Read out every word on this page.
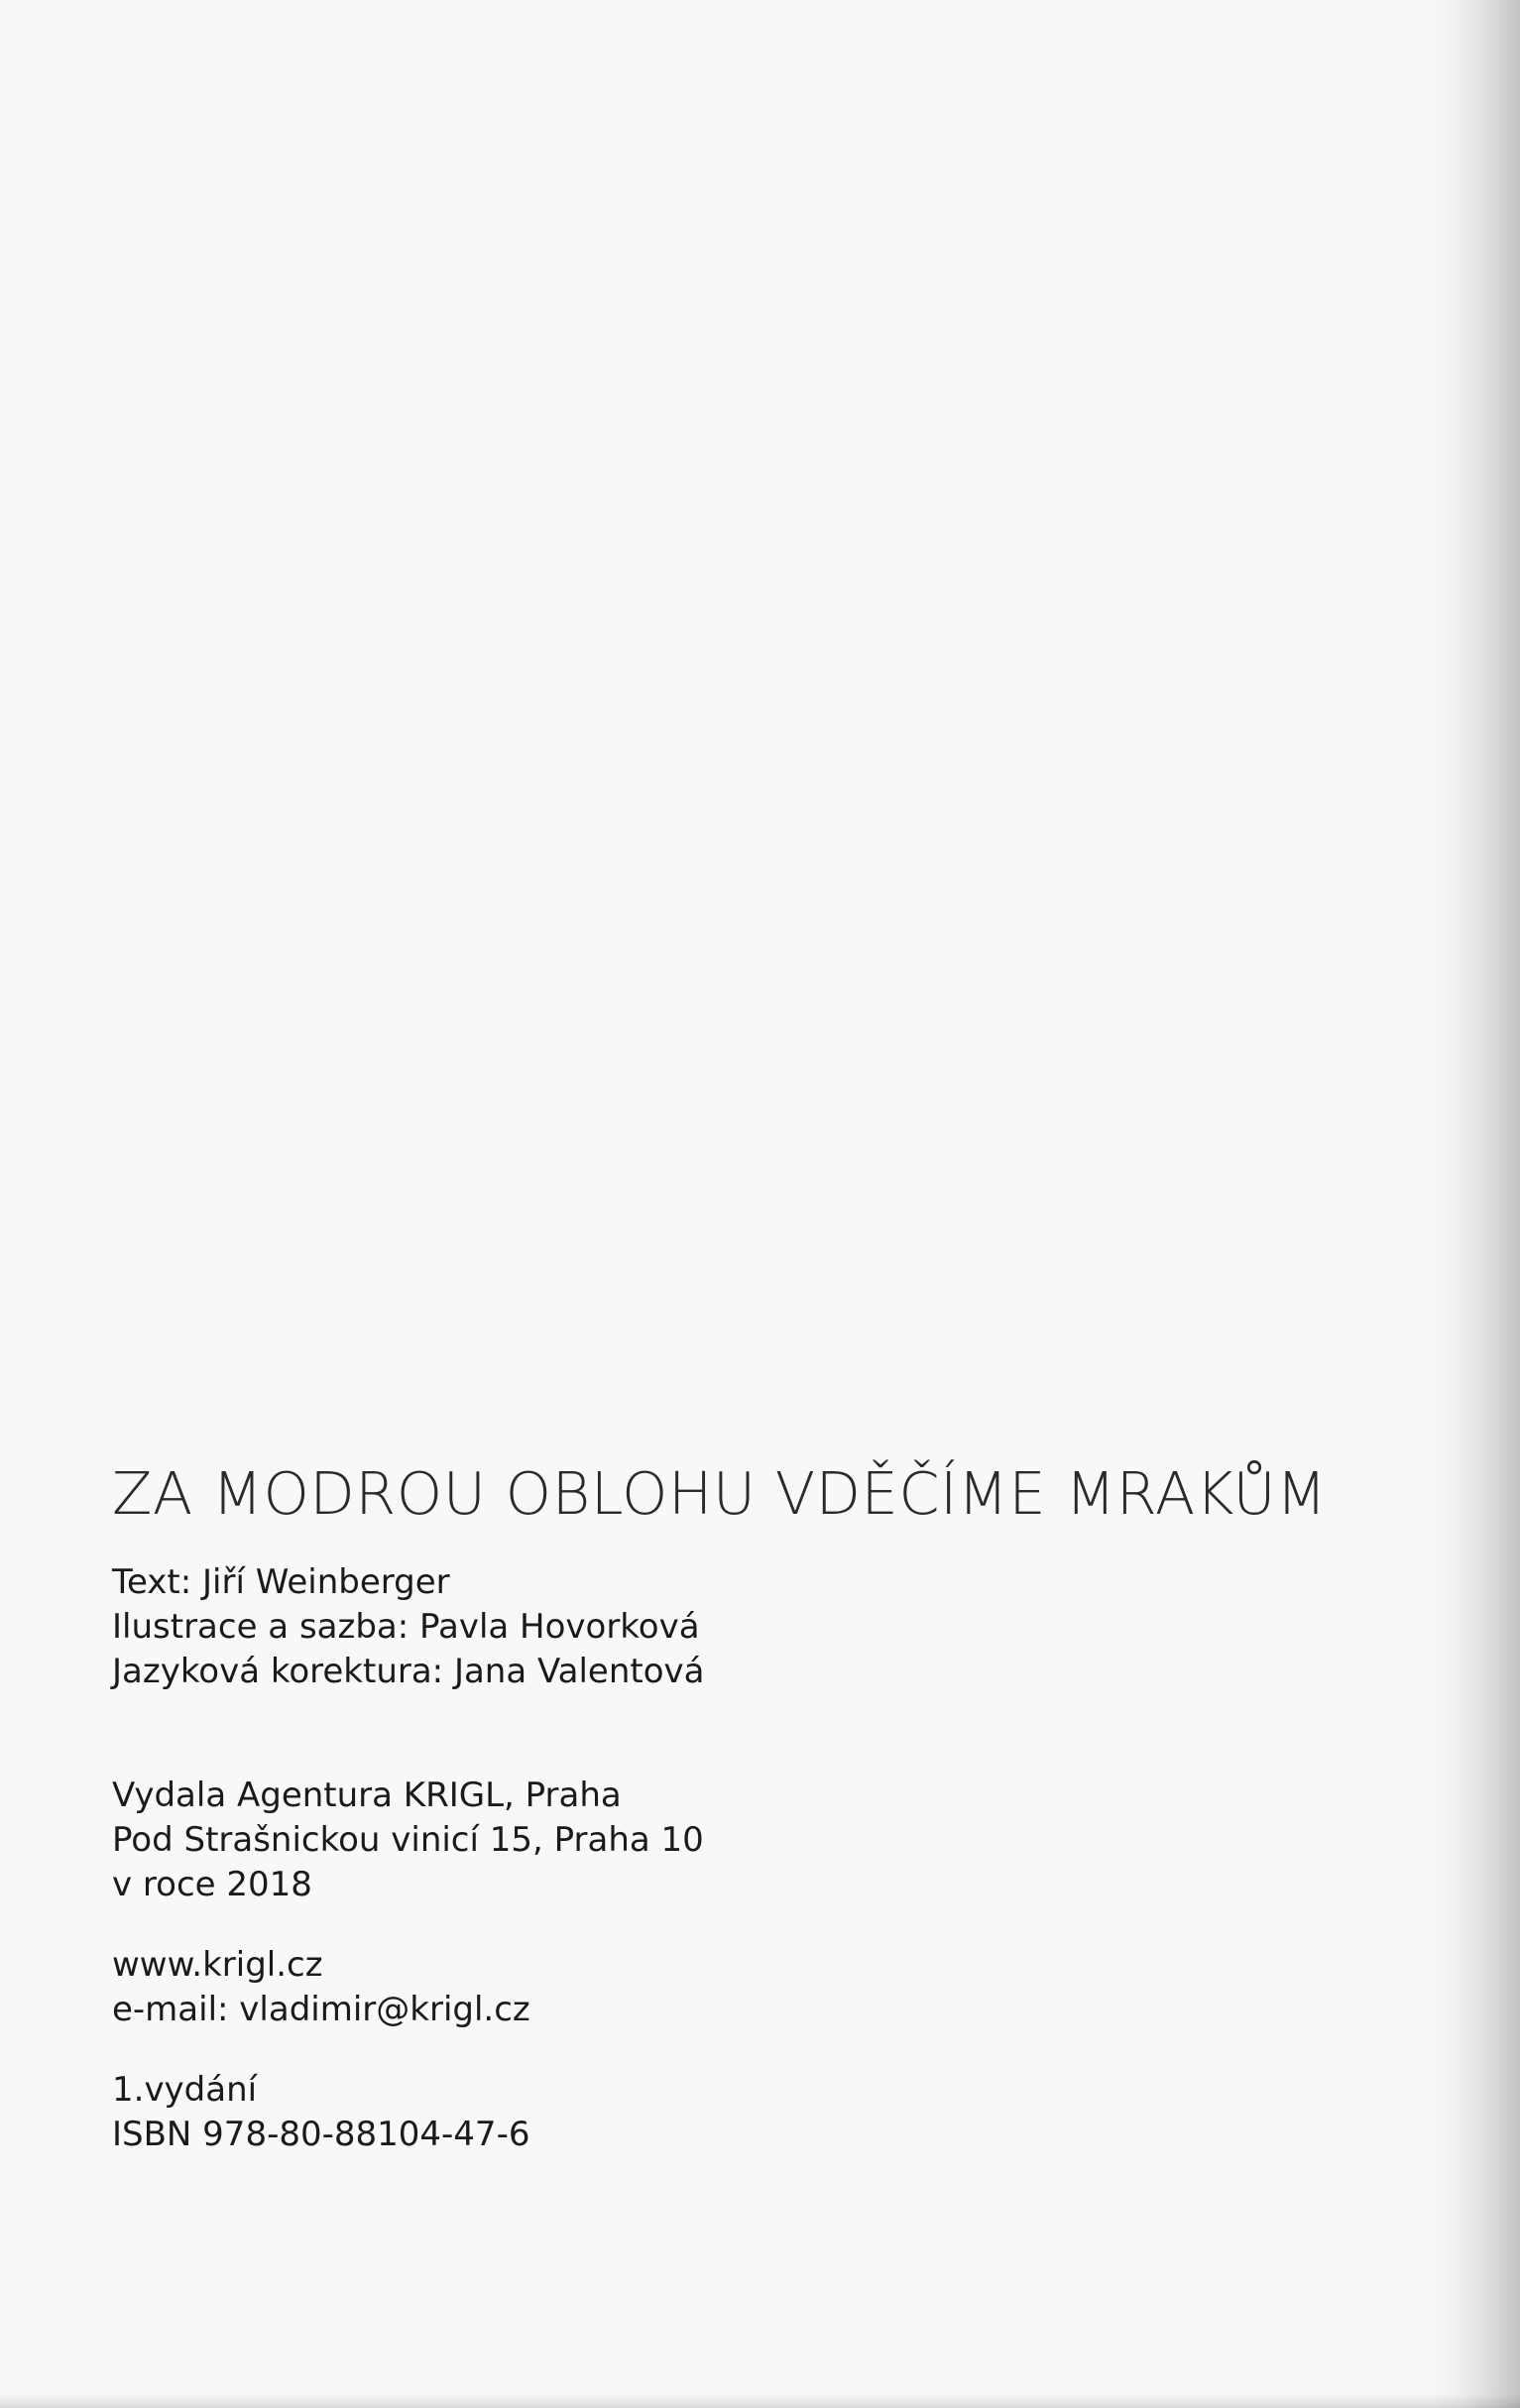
ZA MODROU OBLOHU VDĚČÍME MRAKŮM
Text: Jiří Weinberger
Ilustrace a sazba: Pavla Hovorková
Jazyková korektura: Jana Valentová
Vydala Agentura KRIGL, Praha
Pod Strašnickou vinicí 15, Praha 10
v roce 2018
www.krigl.cz
e-mail: vladimir@krigl.cz
1.vydání
ISBN 978-80-88104-47-6
